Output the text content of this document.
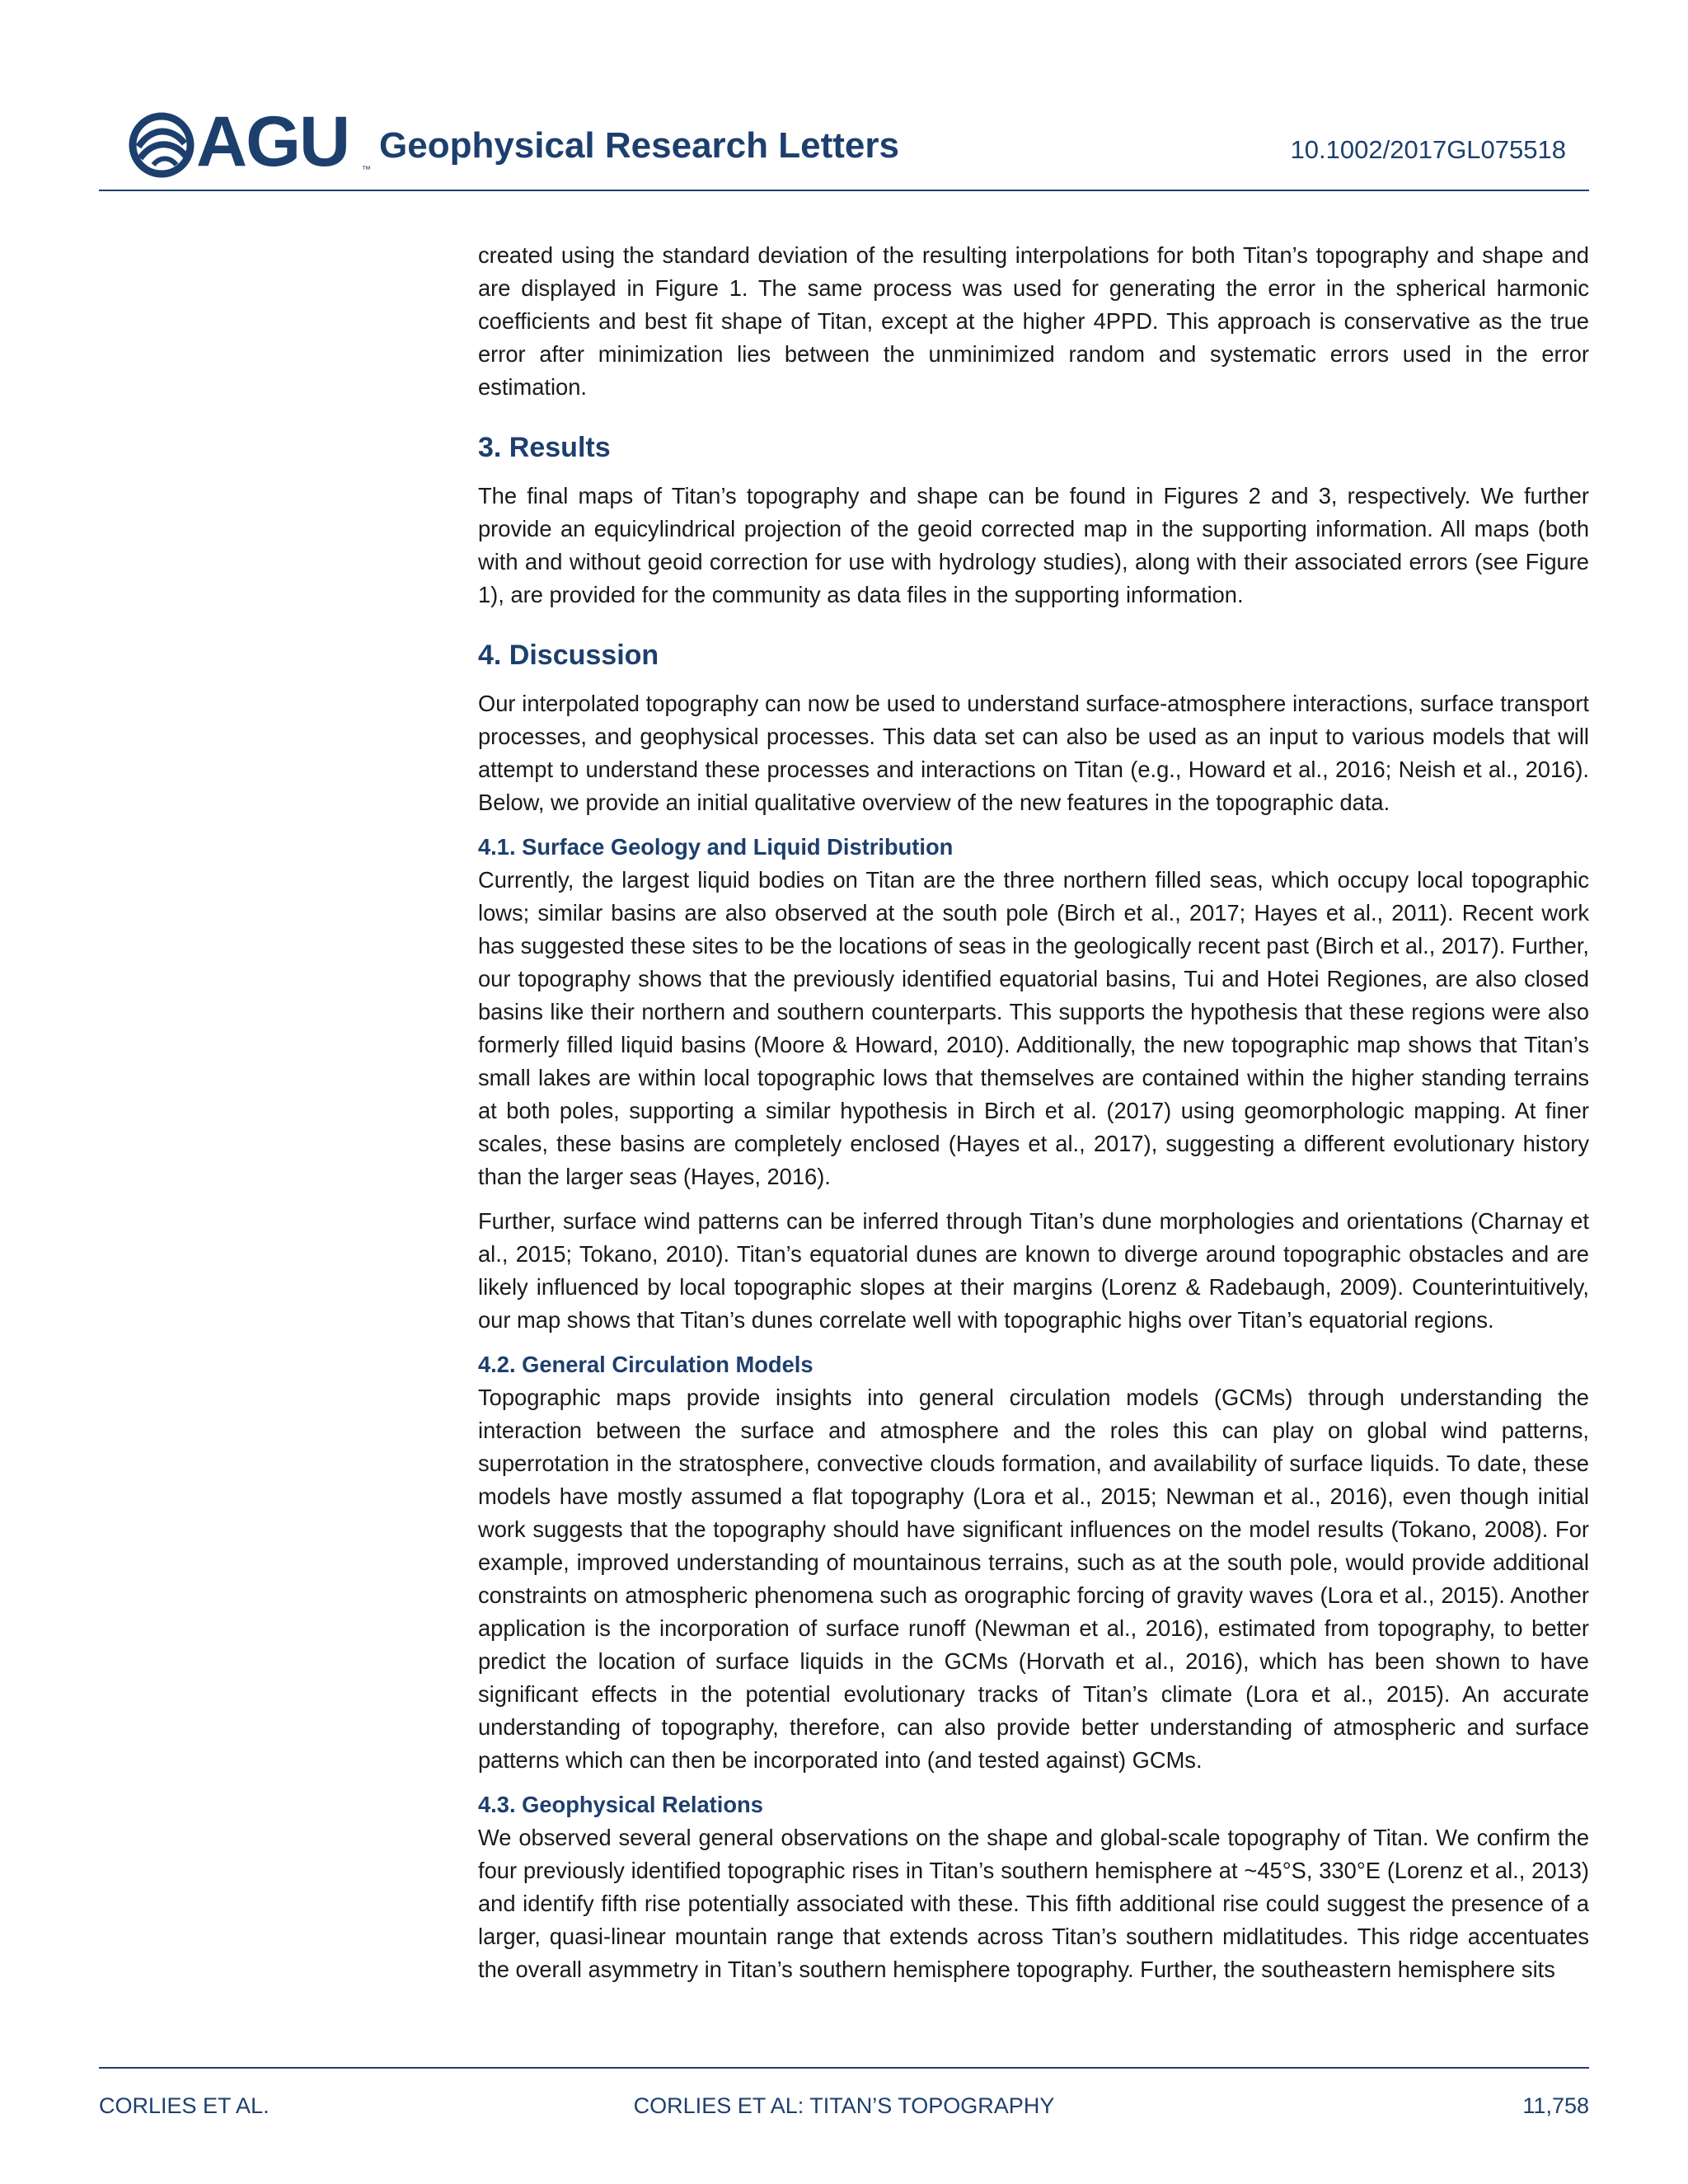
AGU ™
Geophysical Research Letters	10.1002/2017GL075518

created using the standard deviation of the resulting interpolations for both Titan’s topography and shape and are displayed in Figure 1. The same process was used for generating the error in the spherical harmonic coefficients and best fit shape of Titan, except at the higher 4PPD. This approach is conservative as the true error after minimization lies between the unminimized random and systematic errors used in the error estimation.

3. Results

The final maps of Titan’s topography and shape can be found in Figures 2 and 3, respectively. We further provide an equicylindrical projection of the geoid corrected map in the supporting information. All maps (both with and without geoid correction for use with hydrology studies), along with their associated errors (see Figure 1), are provided for the community as data files in the supporting information.

4. Discussion

Our interpolated topography can now be used to understand surface-atmosphere interactions, surface transport processes, and geophysical processes. This data set can also be used as an input to various models that will attempt to understand these processes and interactions on Titan (e.g., Howard et al., 2016; Neish et al., 2016). Below, we provide an initial qualitative overview of the new features in the topographic data.

4.1. Surface Geology and Liquid Distribution

Currently, the largest liquid bodies on Titan are the three northern filled seas, which occupy local topographic lows; similar basins are also observed at the south pole (Birch et al., 2017; Hayes et al., 2011). Recent work has suggested these sites to be the locations of seas in the geologically recent past (Birch et al., 2017). Further, our topography shows that the previously identified equatorial basins, Tui and Hotei Regiones, are also closed basins like their northern and southern counterparts. This supports the hypothesis that these regions were also formerly filled liquid basins (Moore & Howard, 2010). Additionally, the new topographic map shows that Titan’s small lakes are within local topographic lows that themselves are contained within the higher standing terrains at both poles, supporting a similar hypothesis in Birch et al. (2017) using geomorphologic mapping. At finer scales, these basins are completely enclosed (Hayes et al., 2017), suggesting a different evolutionary history than the larger seas (Hayes, 2016).

Further, surface wind patterns can be inferred through Titan’s dune morphologies and orientations (Charnay et al., 2015; Tokano, 2010). Titan’s equatorial dunes are known to diverge around topographic obstacles and are likely influenced by local topographic slopes at their margins (Lorenz & Radebaugh, 2009). Counterintuitively, our map shows that Titan’s dunes correlate well with topographic highs over Titan’s equatorial regions.

4.2. General Circulation Models

Topographic maps provide insights into general circulation models (GCMs) through understanding the interaction between the surface and atmosphere and the roles this can play on global wind patterns, superrotation in the stratosphere, convective clouds formation, and availability of surface liquids. To date, these models have mostly assumed a flat topography (Lora et al., 2015; Newman et al., 2016), even though initial work suggests that the topography should have significant influences on the model results (Tokano, 2008). For example, improved understanding of mountainous terrains, such as at the south pole, would provide additional constraints on atmospheric phenomena such as orographic forcing of gravity waves (Lora et al., 2015). Another application is the incorporation of surface runoff (Newman et al., 2016), estimated from topography, to better predict the location of surface liquids in the GCMs (Horvath et al., 2016), which has been shown to have significant effects in the potential evolutionary tracks of Titan’s climate (Lora et al., 2015). An accurate understanding of topography, therefore, can also provide better understanding of atmospheric and surface patterns which can then be incorporated into (and tested against) GCMs.

4.3. Geophysical Relations

We observed several general observations on the shape and global-scale topography of Titan. We confirm the four previously identified topographic rises in Titan’s southern hemisphere at ~45°S, 330°E (Lorenz et al., 2013) and identify fifth rise potentially associated with these. This fifth additional rise could suggest the presence of a larger, quasi-linear mountain range that extends across Titan’s southern midlatitudes. This ridge accentuates the overall asymmetry in Titan’s southern hemisphere topography. Further, the southeastern hemisphere sits

CORLIES ET AL.	CORLIES ET AL: TITAN’S TOPOGRAPHY	11,758
